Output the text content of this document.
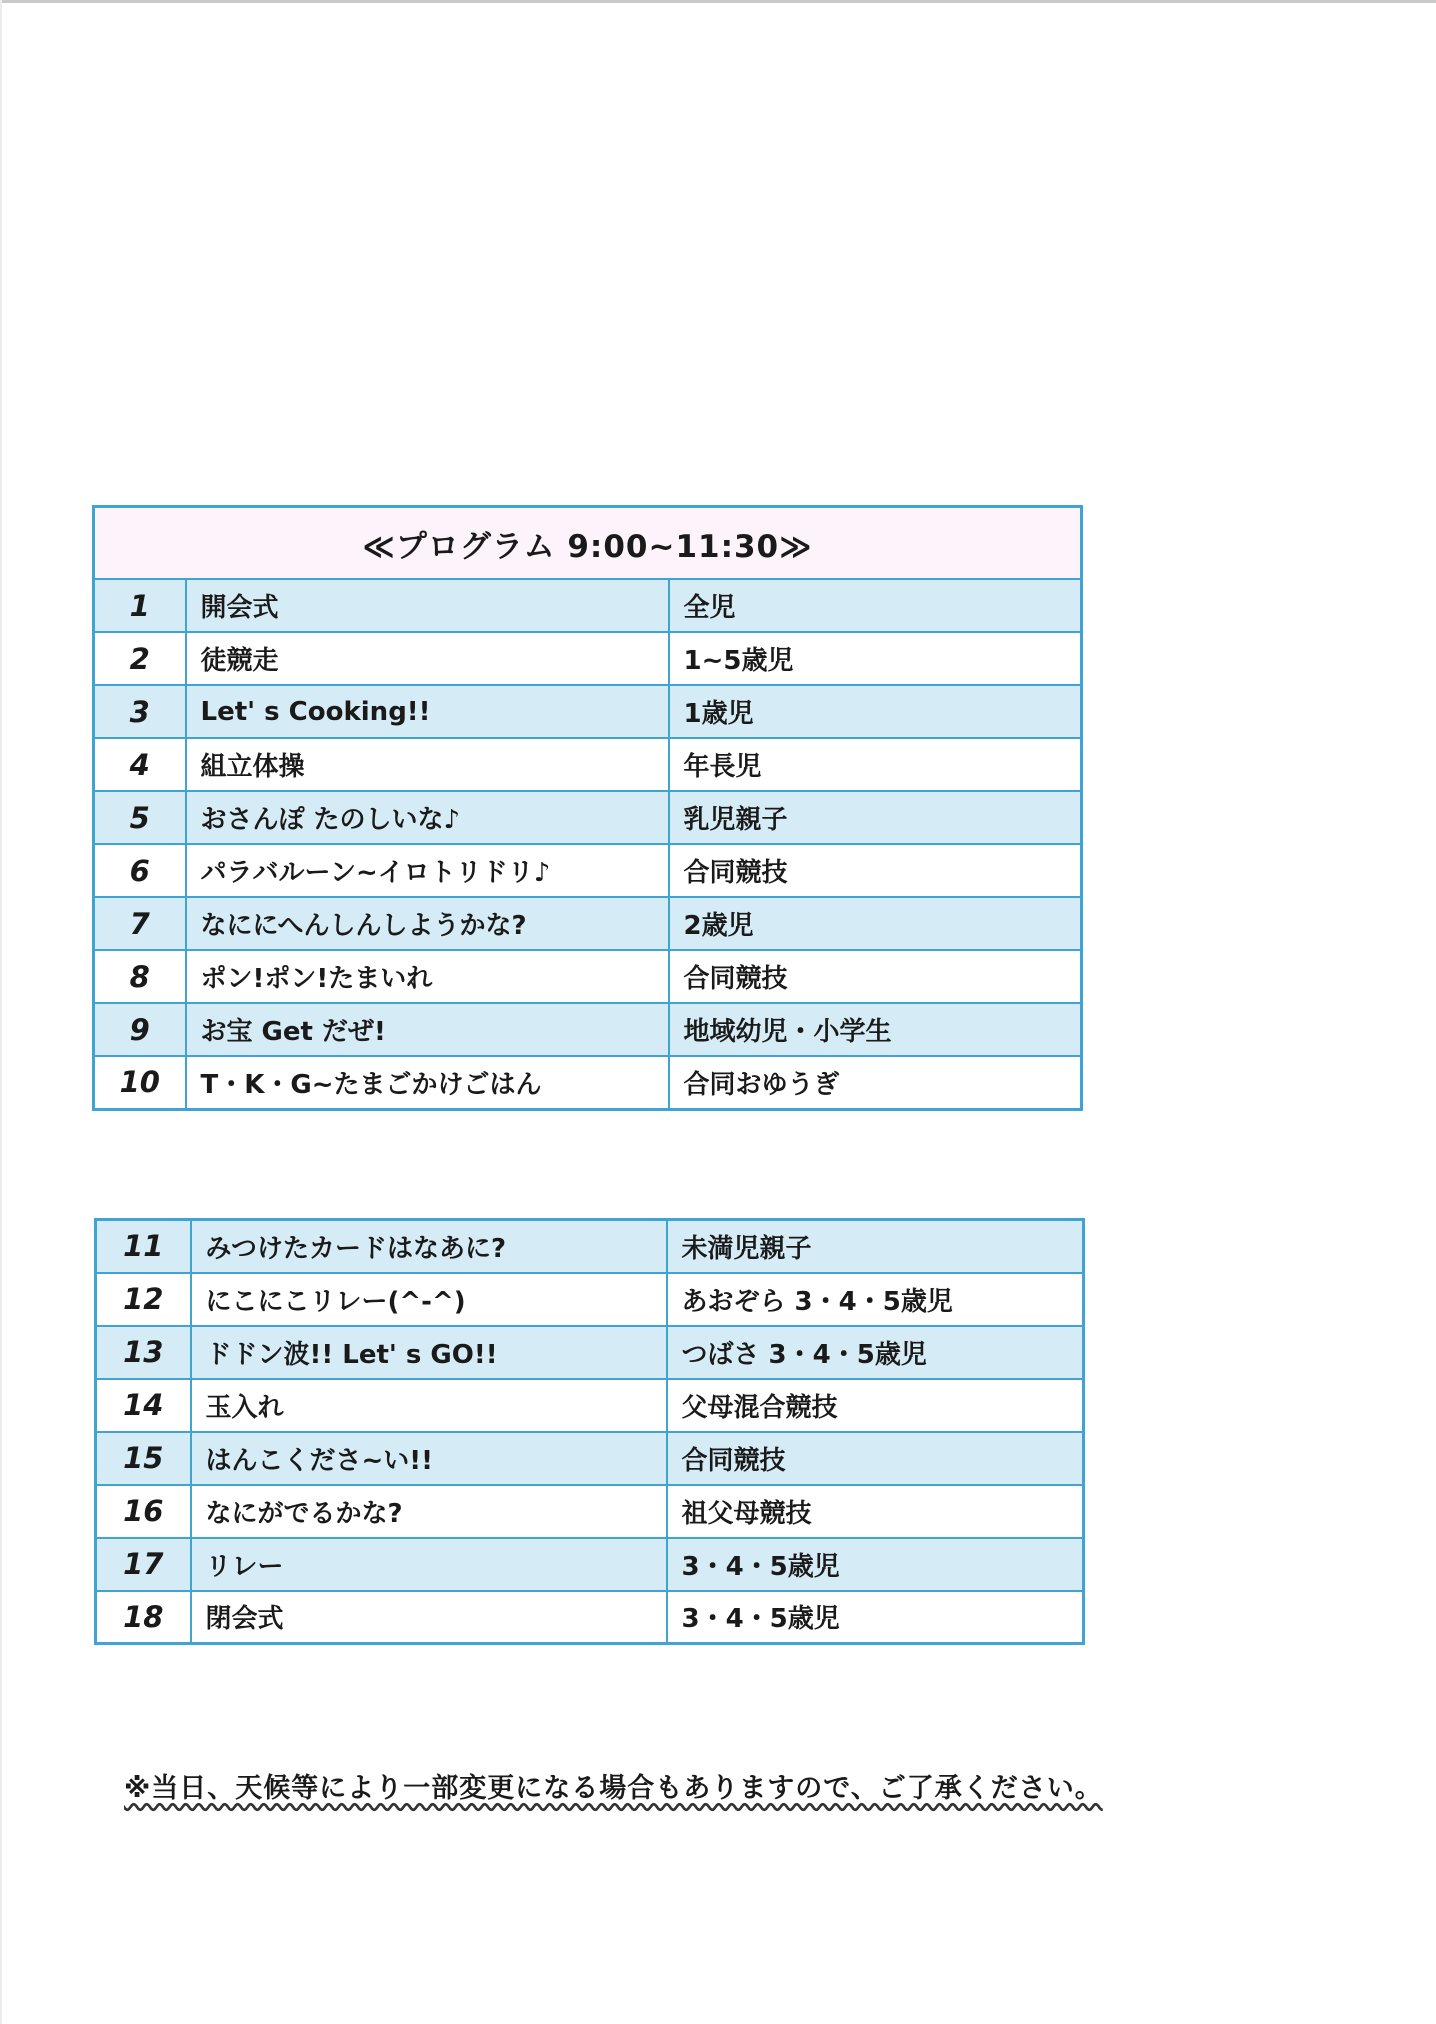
≪プログラム 9:00~11:30≫		
1	開会式	全児
2	徒競走	1~5歳児
3	Let' s Cooking!!	1歳児
4	組立体操	年長児
5	おさんぽ たのしいな♪	乳児親子
6	パラバルーン~イロトリドリ♪	合同競技
7	なににへんしんしようかな?	2歳児
8	ポン!ポン!たまいれ	合同競技
9	お宝 Get だぜ!	地域幼児・小学生
10	T・K・G~たまごかけごはん	合同おゆうぎ
11	みつけたカードはなあに?	未満児親子
12	にこにこリレー(^-^)	あおぞら 3・4・5歳児
13	ドドン波!! Let' s GO!!	つばさ 3・4・5歳児
14	玉入れ	父母混合競技
15	はんこくださ~い!!	合同競技
16	なにがでるかな?	祖父母競技
17	リレー	3・4・5歳児
18	閉会式	3・4・5歳児
※当日、天候等により一部変更になる場合もありますので、ご了承ください。
